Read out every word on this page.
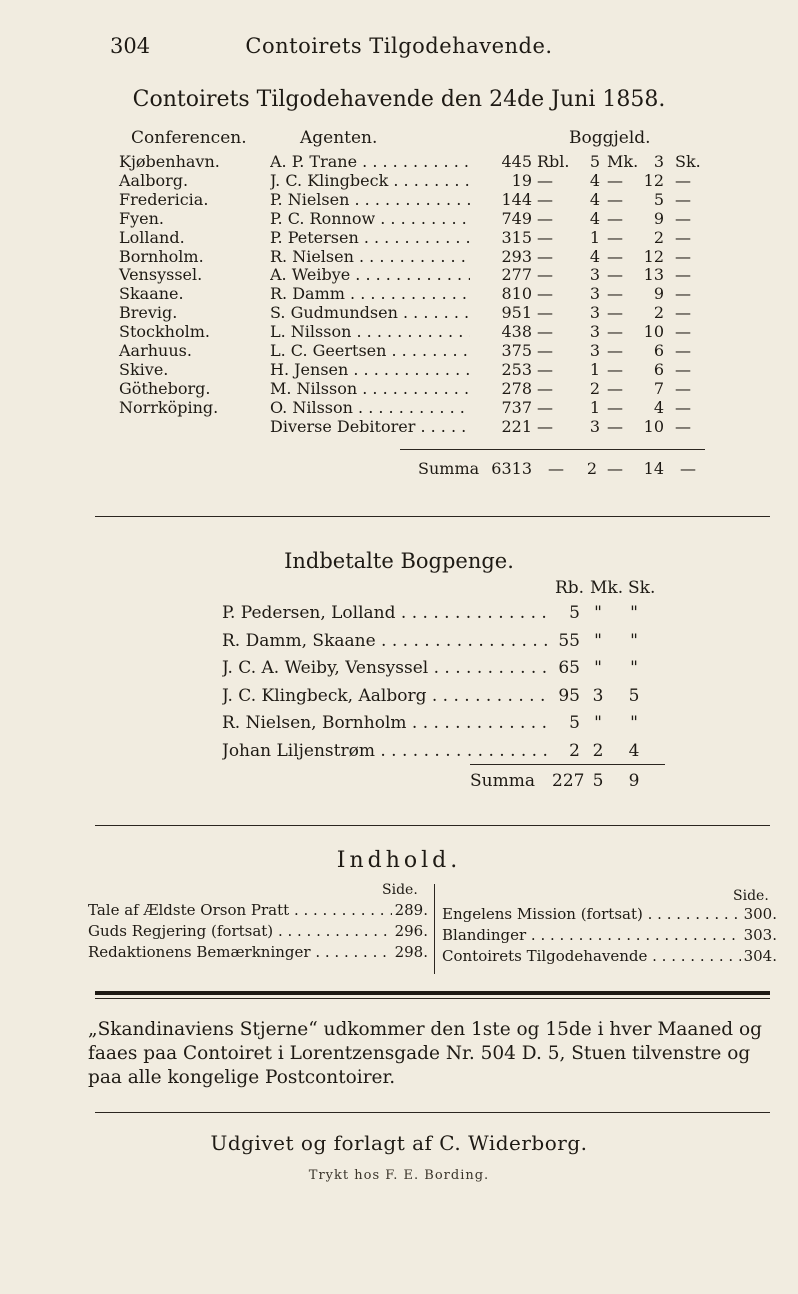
304	Contoirets Tilgodehavende.
Contoirets Tilgodehavende den 24de Juni 1858.
Conferencen.	Agenten.	Boggjeld.
Kjøbenhavn.	A. P. Trane . . .	445 Rbl. 5 Mk. 3 Sk.
Aalborg.	J. C. Klingbeck . . .	19 — 4 —	12 —
Fredericia.	P. Nielsen . . .	144 — 4 —	5 —
Fyen.	P. C. Ronnow . . .	749 — 4 —	9 —
Lolland.	P. Petersen . . .	315 — 1 —	2 —
Bornholm.	R. Nielsen . . .	293 — 4 —	12 —
Vensyssel.	A. Weibye . . .	277 — 3 —	13 —
Skaane.	R. Damm . . .	810 — 3 —	9 —
Brevig.	S. Gudmundsen . . .	951 — 3 —	2 —
Stockholm.	L. Nilsson . . .	438 — 3 —	10 —
Aarhuus.	L. C. Geertsen . . .	375 — 3 —	6 —
Skive.	H. Jensen . . .	253 — 1 —	6 —
Götheborg.	M. Nilsson . . .	278 — 2 —	7 —
Norrköping.	O. Nilsson . . .	737 — 1 —	4 —
Diverse Debitorer . . .	221 — 3 —	10 —
Summa 6313 — 2 —	14 —
Indbetalte Bogpenge.
Rb. Mk. Sk.
P. Pedersen, Lolland . . .	5 " "
R. Damm, Skaane . . .	55 " "
J. C. A. Weiby, Vensyssel . . .	65 " "
J. C. Klingbeck, Aalborg . . .	95 3 5
R. Nielsen, Bornholm . . .	5 " "
Johan Liljenstrøm . . .	2 2 4
Summa 227 5 9
Indhold.
Side.	Side.
Tale af Ældste Orson Pratt . . .	289.
Guds Regjering (fortsat) . . .	296.
Redaktionens Bemærkninger . . .	298.
Engelens Mission (fortsat) . . .	300.
Blandinger . . .	303.
Contoirets Tilgodehavende . . .	304.
„Skandinaviens Stjerne“ udkommer den 1ste og 15de i hver Maaned og faaes paa Contoiret i Lorentzensgade Nr. 504 D. 5, Stuen tilvenstre og paa alle kongelige Postcontoirer.
Udgivet og forlagt af C. Widerborg.
Trykt hos F. E. Bording.
